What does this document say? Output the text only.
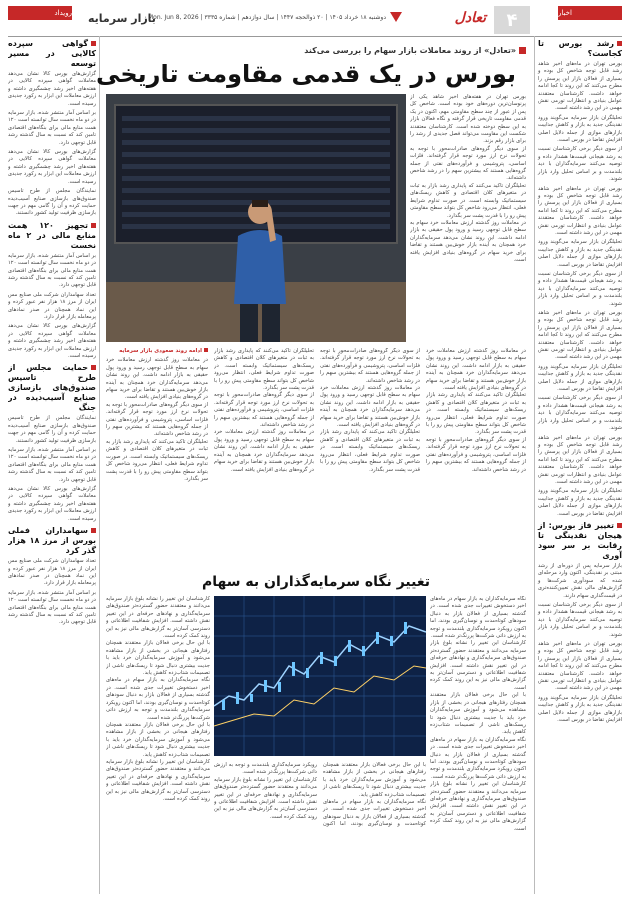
اخبار
۴
تعادل
دوشنبه ۱۸ خرداد ۱۴۰۵ | ۲۰ ذوالحجه ۱۴۴۷ | سال دوازدهم | شماره ۳۳۳۵ | Mon. Jun 8, 2026
بازار سرمایه
رویداد
رشد بورس تا کجاست؟

بورس تهران در ماه‌های اخیر شاهد رشد قابل توجه شاخص کل بوده و بسیاری از فعالان بازار این پرسش را مطرح می‌کنند که این روند تا کجا ادامه خواهد داشت. کارشناسان معتقدند عوامل بنیادی و انتظارات تورمی نقش مهمی در این رشد داشته است.

تحلیلگران بازار سرمایه می‌گویند ورود نقدینگی جدید به بازار و کاهش جذابیت بازارهای موازی از جمله دلایل اصلی افزایش تقاضا در بورس است.

از سوی دیگر برخی کارشناسان نسبت به رشد هیجانی قیمت‌ها هشدار داده و توصیه می‌کنند سرمایه‌گذاران با دید بلندمدت و بر اساس تحلیل وارد بازار شوند.

بورس تهران در ماه‌های اخیر شاهد رشد قابل توجه شاخص کل بوده و بسیاری از فعالان بازار این پرسش را مطرح می‌کنند که این روند تا کجا ادامه خواهد داشت. کارشناسان معتقدند عوامل بنیادی و انتظارات تورمی نقش مهمی در این رشد داشته است.

تحلیلگران بازار سرمایه می‌گویند ورود نقدینگی جدید به بازار و کاهش جذابیت بازارهای موازی از جمله دلایل اصلی افزایش تقاضا در بورس است.

از سوی دیگر برخی کارشناسان نسبت به رشد هیجانی قیمت‌ها هشدار داده و توصیه می‌کنند سرمایه‌گذاران با دید بلندمدت و بر اساس تحلیل وارد بازار شوند.

بورس تهران در ماه‌های اخیر شاهد رشد قابل توجه شاخص کل بوده و بسیاری از فعالان بازار این پرسش را مطرح می‌کنند که این روند تا کجا ادامه خواهد داشت. کارشناسان معتقدند عوامل بنیادی و انتظارات تورمی نقش مهمی در این رشد داشته است.

تحلیلگران بازار سرمایه می‌گویند ورود نقدینگی جدید به بازار و کاهش جذابیت بازارهای موازی از جمله دلایل اصلی افزایش تقاضا در بورس است.

از سوی دیگر برخی کارشناسان نسبت به رشد هیجانی قیمت‌ها هشدار داده و توصیه می‌کنند سرمایه‌گذاران با دید بلندمدت و بر اساس تحلیل وارد بازار شوند.

بورس تهران در ماه‌های اخیر شاهد رشد قابل توجه شاخص کل بوده و بسیاری از فعالان بازار این پرسش را مطرح می‌کنند که این روند تا کجا ادامه خواهد داشت. کارشناسان معتقدند عوامل بنیادی و انتظارات تورمی نقش مهمی در این رشد داشته است.

تحلیلگران بازار سرمایه می‌گویند ورود نقدینگی جدید به بازار و کاهش جذابیت بازارهای موازی از جمله دلایل اصلی افزایش تقاضا در بورس است.

تغییر فاز بورس: از هیجان نقدینگی تا رقابت بر سر سود آوری

بازار سرمایه پس از دوره‌ای از رشد مبتنی بر نقدینگی، اکنون وارد مرحله‌ای شده که سودآوری شرکت‌ها و گزارش‌های مالی نقش تعیین‌کننده‌تری در قیمت‌گذاری سهام دارند.

از سوی دیگر برخی کارشناسان نسبت به رشد هیجانی قیمت‌ها هشدار داده و توصیه می‌کنند سرمایه‌گذاران با دید بلندمدت و بر اساس تحلیل وارد بازار شوند.

بورس تهران در ماه‌های اخیر شاهد رشد قابل توجه شاخص کل بوده و بسیاری از فعالان بازار این پرسش را مطرح می‌کنند که این روند تا کجا ادامه خواهد داشت. کارشناسان معتقدند عوامل بنیادی و انتظارات تورمی نقش مهمی در این رشد داشته است.

تحلیلگران بازار سرمایه می‌گویند ورود نقدینگی جدید به بازار و کاهش جذابیت بازارهای موازی از جمله دلایل اصلی افزایش تقاضا در بورس است.

گواهی سپرده کالایی در مسیر توسعه

گزارش‌های بورس کالا نشان می‌دهد معاملات گواهی سپرده کالایی در هفته‌های اخیر رشد چشمگیری داشته و ارزش معاملات این ابزار به رکورد جدیدی رسیده است.

بر اساس آمار منتشر شده، بازار سرمایه در دو ماه نخست سال توانسته است ۱۲۰ همت منابع مالی برای بنگاه‌های اقتصادی تامین کند که نسبت به سال گذشته رشد قابل توجهی دارد.

گزارش‌های بورس کالا نشان می‌دهد معاملات گواهی سپرده کالایی در هفته‌های اخیر رشد چشمگیری داشته و ارزش معاملات این ابزار به رکورد جدیدی رسیده است.

نمایندگان مجلس از طرح تاسیس صندوق‌های بازسازی صنایع آسیب‌دیده حمایت کرده و آن را گامی مهم در جهت بازسازی ظرفیت تولید کشور دانستند.

تجهیز ۱۲۰ همت منابع مالی در ۲ ماه نخست

بر اساس آمار منتشر شده، بازار سرمایه در دو ماه نخست سال توانسته است ۱۲۰ همت منابع مالی برای بنگاه‌های اقتصادی تامین کند که نسبت به سال گذشته رشد قابل توجهی دارد.

تعداد سهامداران شرکت ملی صنایع مس ایران از مرز ۱۸ هزار نفر عبور کرده و این نماد همچنان در صدر نمادهای پرمعامله بازار قرار دارد.

گزارش‌های بورس کالا نشان می‌دهد معاملات گواهی سپرده کالایی در هفته‌های اخیر رشد چشمگیری داشته و ارزش معاملات این ابزار به رکورد جدیدی رسیده است.

حمایت مجلس از طرح تاسیس صندوق‌های بازسازی صنایع آسیب‌دیده در جنگ

نمایندگان مجلس از طرح تاسیس صندوق‌های بازسازی صنایع آسیب‌دیده حمایت کرده و آن را گامی مهم در جهت بازسازی ظرفیت تولید کشور دانستند.

بر اساس آمار منتشر شده، بازار سرمایه در دو ماه نخست سال توانسته است ۱۲۰ همت منابع مالی برای بنگاه‌های اقتصادی تامین کند که نسبت به سال گذشته رشد قابل توجهی دارد.

گزارش‌های بورس کالا نشان می‌دهد معاملات گواهی سپرده کالایی در هفته‌های اخیر رشد چشمگیری داشته و ارزش معاملات این ابزار به رکورد جدیدی رسیده است.

سهامداران فملی بورس از مرز ۱۸ هزار گذر کرد

تعداد سهامداران شرکت ملی صنایع مس ایران از مرز ۱۸ هزار نفر عبور کرده و این نماد همچنان در صدر نمادهای پرمعامله بازار قرار دارد.

بر اساس آمار منتشر شده، بازار سرمایه در دو ماه نخست سال توانسته است ۱۲۰ همت منابع مالی برای بنگاه‌های اقتصادی تامین کند که نسبت به سال گذشته رشد قابل توجهی دارد.

«تعادل» از روند معاملات بازار سهام را بررسی می‌کند
بورس در یک قدمی مقاومت تاریخی

بورس تهران در هفته‌های اخیر شاهد یکی از پرنوسان‌ترین دوره‌های خود بوده است. شاخص کل پس از عبور از چند سطح مقاومتی مهم، اکنون در یک قدمی مقاومت تاریخی قرار گرفته و نگاه فعالان بازار به این سطح دوخته شده است. کارشناسان معتقدند شکست این مقاومت می‌تواند فصل جدیدی از رشد را برای بازار رقم بزند.

از سوی دیگر گروه‌های صادرات‌محور با توجه به تحولات نرخ ارز مورد توجه قرار گرفته‌اند. فلزات اساسی، پتروشیمی و فرآورده‌های نفتی از جمله گروه‌هایی هستند که بیشترین سهم را در رشد شاخص داشته‌اند.

تحلیلگران تاکید می‌کنند که پایداری رشد بازار به ثبات در متغیرهای کلان اقتصادی و کاهش ریسک‌های سیستماتیک وابسته است. در صورت تداوم شرایط فعلی، انتظار می‌رود شاخص کل بتواند سطح مقاومتی پیش رو را با قدرت پشت سر بگذارد.

در معاملات روز گذشته ارزش معاملات خرد سهام به سطح قابل توجهی رسید و ورود پول حقیقی به بازار ادامه داشت. این روند نشان می‌دهد سرمایه‌گذاران خرد همچنان به آینده بازار خوش‌بین هستند و تقاضا برای خرید سهام در گروه‌های بنیادی افزایش یافته است.

در معاملات روز گذشته ارزش معاملات خرد سهام به سطح قابل توجهی رسید و ورود پول حقیقی به بازار ادامه داشت. این روند نشان می‌دهد سرمایه‌گذاران خرد همچنان به آینده بازار خوش‌بین هستند و تقاضا برای خرید سهام در گروه‌های بنیادی افزایش یافته است.

تحلیلگران تاکید می‌کنند که پایداری رشد بازار به ثبات در متغیرهای کلان اقتصادی و کاهش ریسک‌های سیستماتیک وابسته است. در صورت تداوم شرایط فعلی، انتظار می‌رود شاخص کل بتواند سطح مقاومتی پیش رو را با قدرت پشت سر بگذارد.

از سوی دیگر گروه‌های صادرات‌محور با توجه به تحولات نرخ ارز مورد توجه قرار گرفته‌اند. فلزات اساسی، پتروشیمی و فرآورده‌های نفتی از جمله گروه‌هایی هستند که بیشترین سهم را در رشد شاخص داشته‌اند.

از سوی دیگر گروه‌های صادرات‌محور با توجه به تحولات نرخ ارز مورد توجه قرار گرفته‌اند. فلزات اساسی، پتروشیمی و فرآورده‌های نفتی از جمله گروه‌هایی هستند که بیشترین سهم را در رشد شاخص داشته‌اند.

در معاملات روز گذشته ارزش معاملات خرد سهام به سطح قابل توجهی رسید و ورود پول حقیقی به بازار ادامه داشت. این روند نشان می‌دهد سرمایه‌گذاران خرد همچنان به آینده بازار خوش‌بین هستند و تقاضا برای خرید سهام در گروه‌های بنیادی افزایش یافته است.

تحلیلگران تاکید می‌کنند که پایداری رشد بازار به ثبات در متغیرهای کلان اقتصادی و کاهش ریسک‌های سیستماتیک وابسته است. در صورت تداوم شرایط فعلی، انتظار می‌رود شاخص کل بتواند سطح مقاومتی پیش رو را با قدرت پشت سر بگذارد.

تحلیلگران تاکید می‌کنند که پایداری رشد بازار به ثبات در متغیرهای کلان اقتصادی و کاهش ریسک‌های سیستماتیک وابسته است. در صورت تداوم شرایط فعلی، انتظار می‌رود شاخص کل بتواند سطح مقاومتی پیش رو را با قدرت پشت سر بگذارد.

از سوی دیگر گروه‌های صادرات‌محور با توجه به تحولات نرخ ارز مورد توجه قرار گرفته‌اند. فلزات اساسی، پتروشیمی و فرآورده‌های نفتی از جمله گروه‌هایی هستند که بیشترین سهم را در رشد شاخص داشته‌اند.

در معاملات روز گذشته ارزش معاملات خرد سهام به سطح قابل توجهی رسید و ورود پول حقیقی به بازار ادامه داشت. این روند نشان می‌دهد سرمایه‌گذاران خرد همچنان به آینده بازار خوش‌بین هستند و تقاضا برای خرید سهام در گروه‌های بنیادی افزایش یافته است.

ادامه روند صعودی بازار سرمایه

در معاملات روز گذشته ارزش معاملات خرد سهام به سطح قابل توجهی رسید و ورود پول حقیقی به بازار ادامه داشت. این روند نشان می‌دهد سرمایه‌گذاران خرد همچنان به آینده بازار خوش‌بین هستند و تقاضا برای خرید سهام در گروه‌های بنیادی افزایش یافته است.

از سوی دیگر گروه‌های صادرات‌محور با توجه به تحولات نرخ ارز مورد توجه قرار گرفته‌اند. فلزات اساسی، پتروشیمی و فرآورده‌های نفتی از جمله گروه‌هایی هستند که بیشترین سهم را در رشد شاخص داشته‌اند.

تحلیلگران تاکید می‌کنند که پایداری رشد بازار به ثبات در متغیرهای کلان اقتصادی و کاهش ریسک‌های سیستماتیک وابسته است. در صورت تداوم شرایط فعلی، انتظار می‌رود شاخص کل بتواند سطح مقاومتی پیش رو را با قدرت پشت سر بگذارد.

تغییر نگاه سرمایه‌گذاران به سهام

نگاه سرمایه‌گذاران به بازار سهام در ماه‌های اخیر دستخوش تغییرات جدی شده است. در گذشته بسیاری از فعالان بازار به دنبال سودهای کوتاه‌مدت و نوسان‌گیری بودند، اما اکنون رویکرد سرمایه‌گذاری بلندمدت و توجه به ارزش ذاتی شرکت‌ها پررنگ‌تر شده است.

کارشناسان این تغییر را نشانه بلوغ بازار سرمایه می‌دانند و معتقدند حضور گسترده‌تر صندوق‌های سرمایه‌گذاری و نهادهای حرفه‌ای در این تغییر نقش داشته است. افزایش شفافیت اطلاعاتی و دسترسی آسان‌تر به گزارش‌های مالی نیز به این روند کمک کرده است.

با این حال برخی فعالان بازار معتقدند همچنان رفتارهای هیجانی در بخشی از بازار مشاهده می‌شود و آموزش سرمایه‌گذاران خرد باید با جدیت بیشتری دنبال شود تا ریسک‌های ناشی از تصمیمات شتاب‌زده کاهش یابد.

نگاه سرمایه‌گذاران به بازار سهام در ماه‌های اخیر دستخوش تغییرات جدی شده است. در گذشته بسیاری از فعالان بازار به دنبال سودهای کوتاه‌مدت و نوسان‌گیری بودند، اما اکنون رویکرد سرمایه‌گذاری بلندمدت و توجه به ارزش ذاتی شرکت‌ها پررنگ‌تر شده است.

کارشناسان این تغییر را نشانه بلوغ بازار سرمایه می‌دانند و معتقدند حضور گسترده‌تر صندوق‌های سرمایه‌گذاری و نهادهای حرفه‌ای در این تغییر نقش داشته است. افزایش شفافیت اطلاعاتی و دسترسی آسان‌تر به گزارش‌های مالی نیز به این روند کمک کرده است.

کارشناسان این تغییر را نشانه بلوغ بازار سرمایه می‌دانند و معتقدند حضور گسترده‌تر صندوق‌های سرمایه‌گذاری و نهادهای حرفه‌ای در این تغییر نقش داشته است. افزایش شفافیت اطلاعاتی و دسترسی آسان‌تر به گزارش‌های مالی نیز به این روند کمک کرده است.

با این حال برخی فعالان بازار معتقدند همچنان رفتارهای هیجانی در بخشی از بازار مشاهده می‌شود و آموزش سرمایه‌گذاران خرد باید با جدیت بیشتری دنبال شود تا ریسک‌های ناشی از تصمیمات شتاب‌زده کاهش یابد.

نگاه سرمایه‌گذاران به بازار سهام در ماه‌های اخیر دستخوش تغییرات جدی شده است. در گذشته بسیاری از فعالان بازار به دنبال سودهای کوتاه‌مدت و نوسان‌گیری بودند، اما اکنون رویکرد سرمایه‌گذاری بلندمدت و توجه به ارزش ذاتی شرکت‌ها پررنگ‌تر شده است.

با این حال برخی فعالان بازار معتقدند همچنان رفتارهای هیجانی در بخشی از بازار مشاهده می‌شود و آموزش سرمایه‌گذاران خرد باید با جدیت بیشتری دنبال شود تا ریسک‌های ناشی از تصمیمات شتاب‌زده کاهش یابد.

کارشناسان این تغییر را نشانه بلوغ بازار سرمایه می‌دانند و معتقدند حضور گسترده‌تر صندوق‌های سرمایه‌گذاری و نهادهای حرفه‌ای در این تغییر نقش داشته است. افزایش شفافیت اطلاعاتی و دسترسی آسان‌تر به گزارش‌های مالی نیز به این روند کمک کرده است.

با این حال برخی فعالان بازار معتقدند همچنان رفتارهای هیجانی در بخشی از بازار مشاهده می‌شود و آموزش سرمایه‌گذاران خرد باید با جدیت بیشتری دنبال شود تا ریسک‌های ناشی از تصمیمات شتاب‌زده کاهش یابد.

نگاه سرمایه‌گذاران به بازار سهام در ماه‌های اخیر دستخوش تغییرات جدی شده است. در گذشته بسیاری از فعالان بازار به دنبال سودهای کوتاه‌مدت و نوسان‌گیری بودند، اما اکنون رویکرد سرمایه‌گذاری بلندمدت و توجه به ارزش ذاتی شرکت‌ها پررنگ‌تر شده است.

کارشناسان این تغییر را نشانه بلوغ بازار سرمایه می‌دانند و معتقدند حضور گسترده‌تر صندوق‌های سرمایه‌گذاری و نهادهای حرفه‌ای در این تغییر نقش داشته است. افزایش شفافیت اطلاعاتی و دسترسی آسان‌تر به گزارش‌های مالی نیز به این روند کمک کرده است.
